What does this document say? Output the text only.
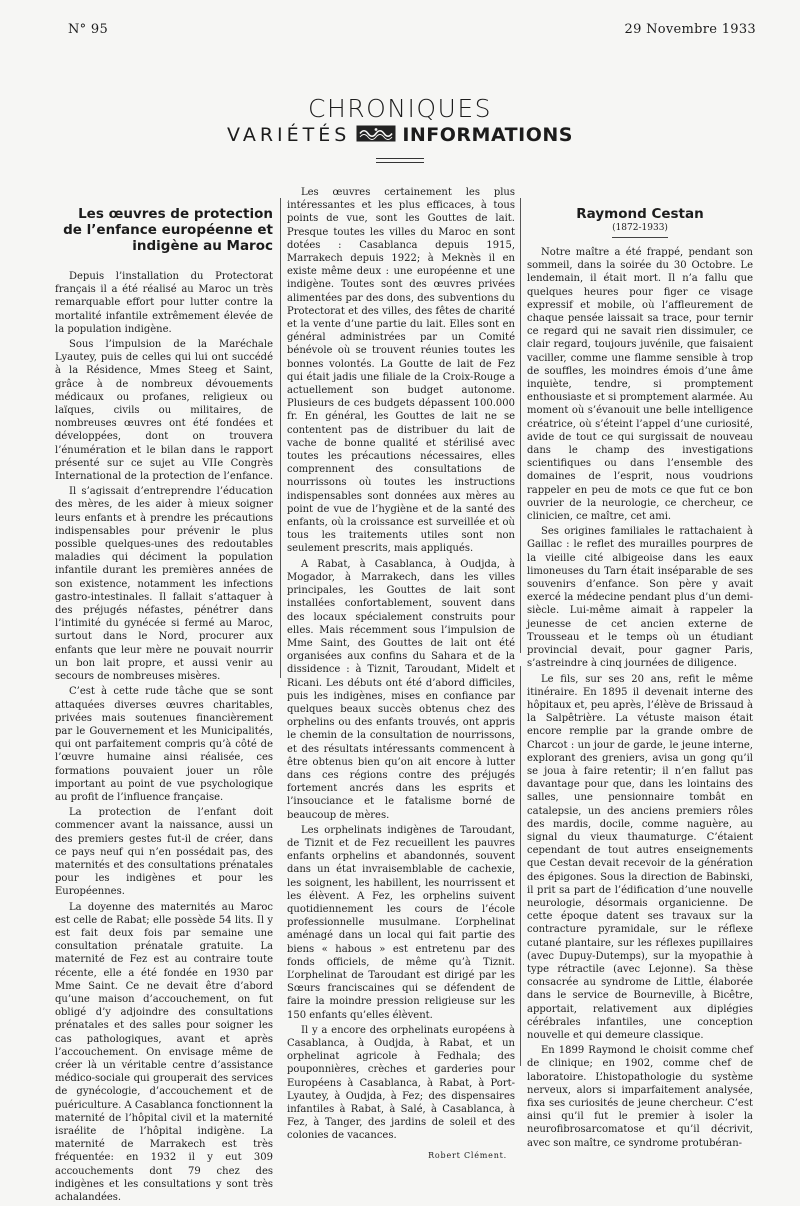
N° 95	29 Novembre 1933
CHRONIQUES
VARIÉTÉS	INFORMATIONS
Les œuvres de protection de l’enfance européenne et indigène au Maroc

Depuis l’installation du Protectorat français il a été réalisé au Maroc un très remarquable effort pour lutter contre la mortalité infantile extrêmement élevée de la population indigène.

Sous l’impulsion de la Maréchale Lyautey, puis de celles qui lui ont succédé à la Résidence, Mmes Steeg et Saint, grâce à de nombreux dévouements médicaux ou profanes, religieux ou laïques, civils ou militaires, de nombreuses œuvres ont été fondées et développées, dont on trouvera l’énumération et le bilan dans le rapport présenté sur ce sujet au VIIe Congrès International de la protection de l’enfance.

Il s’agissait d’entreprendre l’éducation des mères, de les aider à mieux soigner leurs enfants et à prendre les précautions indispensables pour prévenir le plus possible quelques-unes des redoutables maladies qui déciment la population infantile durant les premières années de son existence, notamment les infections gastro-intestinales. Il fallait s’attaquer à des préjugés néfastes, pénétrer dans l’intimité du gynécée si fermé au Maroc, surtout dans le Nord, procurer aux enfants que leur mère ne pouvait nourrir un bon lait propre, et aussi venir au secours de nombreuses misères.

C’est à cette rude tâche que se sont attaquées diverses œuvres charitables, privées mais soutenues financièrement par le Gouvernement et les Municipalités, qui ont parfaitement compris qu’à côté de l’œuvre humaine ainsi réalisée, ces formations pouvaient jouer un rôle important au point de vue psychologique au profit de l’influence française.

La protection de l’enfant doit commencer avant la naissance, aussi un des premiers gestes fut-il de créer, dans ce pays neuf qui n’en possédait pas, des maternités et des consultations prénatales pour les indigènes et pour les Européennes.

La doyenne des maternités au Maroc est celle de Rabat; elle possède 54 lits. Il y est fait deux fois par semaine une consultation prénatale gratuite. La maternité de Fez est au contraire toute récente, elle a été fondée en 1930 par Mme Saint. Ce ne devait être d’abord qu’une maison d’accouchement, on fut obligé d’y adjoindre des consultations prénatales et des salles pour soigner les cas pathologiques, avant et après l’accouchement. On envisage même de créer là un véritable centre d’assistance médico-sociale qui grouperait des services de gynécologie, d’accouchement et de puériculture. A Casablanca fonctionnent la maternité de l’hôpital civil et la maternité israélite de l’hôpital indigène. La maternité de Marrakech est très fréquentée: en 1932 il y eut 309 accouchements dont 79 chez des indigènes et les consultations y sont très achalandées.

Les œuvres certainement les plus intéressantes et les plus efficaces, à tous points de vue, sont les Gouttes de lait. Presque toutes les villes du Maroc en sont dotées : Casablanca depuis 1915, Marrakech depuis 1922; à Meknès il en existe même deux : une européenne et une indigène. Toutes sont des œuvres privées alimentées par des dons, des subventions du Protectorat et des villes, des fêtes de charité et la vente d’une partie du lait. Elles sont en général administrées par un Comité bénévole où se trouvent réunies toutes les bonnes volontés. La Goutte de lait de Fez qui était jadis une filiale de la Croix-Rouge a actuellement son budget autonome. Plusieurs de ces budgets dépassent 100.000 fr. En général, les Gouttes de lait ne se contentent pas de distribuer du lait de vache de bonne qualité et stérilisé avec toutes les précautions nécessaires, elles comprennent des consultations de nourrissons où toutes les instructions indispensables sont données aux mères au point de vue de l’hygiène et de la santé des enfants, où la croissance est surveillée et où tous les traitements utiles sont non seulement prescrits, mais appliqués.

A Rabat, à Casablanca, à Oudjda, à Mogador, à Marrakech, dans les villes principales, les Gouttes de lait sont installées confortablement, souvent dans des locaux spécialement construits pour elles. Mais récemment sous l’impulsion de Mme Saint, des Gouttes de lait ont été organisées aux confins du Sahara et de la dissidence : à Tiznit, Taroudant, Midelt et Ricani. Les débuts ont été d’abord difficiles, puis les indigènes, mises en confiance par quelques beaux succès obtenus chez des orphelins ou des enfants trouvés, ont appris le chemin de la consultation de nourrissons, et des résultats intéressants commencent à être obtenus bien qu’on ait encore à lutter dans ces régions contre des préjugés fortement ancrés dans les esprits et l’insouciance et le fatalisme borné de beaucoup de mères.

Les orphelinats indigènes de Taroudant, de Tiznit et de Fez recueillent les pauvres enfants orphelins et abandonnés, souvent dans un état invraisemblable de cachexie, les soignent, les habillent, les nourrissent et les élèvent. A Fez, les orphelins suivent quotidiennement les cours de l’école professionnelle musulmane. L’orphelinat aménagé dans un local qui fait partie des biens « habous » est entretenu par des fonds officiels, de même qu’à Tiznit. L’orphelinat de Taroudant est dirigé par les Sœurs franciscaines qui se défendent de faire la moindre pression religieuse sur les 150 enfants qu’elles élèvent.

Il y a encore des orphelinats européens à Casablanca, à Oudjda, à Rabat, et un orphelinat agricole à Fedhala; des pouponnières, crèches et garderies pour Européens à Casablanca, à Rabat, à Port-Lyautey, à Oudjda, à Fez; des dispensaires infantiles à Rabat, à Salé, à Casablanca, à Fez, à Tanger, des jardins de soleil et des colonies de vacances.

Robert Clément.
Raymond Cestan
(1872-1933)

Notre maître a été frappé, pendant son sommeil, dans la soirée du 30 Octobre. Le lendemain, il était mort. Il n’a fallu que quelques heures pour figer ce visage expressif et mobile, où l’affleurement de chaque pensée laissait sa trace, pour ternir ce regard qui ne savait rien dissimuler, ce clair regard, toujours juvénile, que faisaient vaciller, comme une flamme sensible à trop de souffles, les moindres émois d’une âme inquiète, tendre, si promptement enthousiaste et si promptement alarmée. Au moment où s’évanouit une belle intelligence créatrice, où s’éteint l’appel d’une curiosité, avide de tout ce qui surgissait de nouveau dans le champ des investigations scientifiques ou dans l’ensemble des domaines de l’esprit, nous voudrions rappeler en peu de mots ce que fut ce bon ouvrier de la neurologie, ce chercheur, ce clinicien, ce maître, cet ami.

Ses origines familiales le rattachaient à Gaillac : le reflet des murailles pourpres de la vieille cité albigeoise dans les eaux limoneuses du Tarn était inséparable de ses souvenirs d’enfance. Son père y avait exercé la médecine pendant plus d’un demi-siècle. Lui-même aimait à rappeler la jeunesse de cet ancien externe de Trousseau et le temps où un étudiant provincial devait, pour gagner Paris, s’astreindre à cinq journées de diligence.

Le fils, sur ses 20 ans, refit le même itinéraire. En 1895 il devenait interne des hôpitaux et, peu après, l’élève de Brissaud à la Salpêtrière. La vétuste maison était encore remplie par la grande ombre de Charcot : un jour de garde, le jeune interne, explorant des greniers, avisa un gong qu’il se joua à faire retentir; il n’en fallut pas davantage pour que, dans les lointains des salles, une pensionnaire tombât en catalepsie, un des anciens premiers rôles des mardis, docile, comme naguère, au signal du vieux thaumaturge. C’étaient cependant de tout autres enseignements que Cestan devait recevoir de la génération des épigones. Sous la direction de Babinski, il prit sa part de l’édification d’une nouvelle neurologie, désormais organicienne. De cette époque datent ses travaux sur la contracture pyramidale, sur le réflexe cutané plantaire, sur les réflexes pupillaires (avec Dupuy-Dutemps), sur la myopathie à type rétractile (avec Lejonne). Sa thèse consacrée au syndrome de Little, élaborée dans le service de Bourneville, à Bicêtre, apportait, relativement aux diplégies cérébrales infantiles, une conception nouvelle et qui demeure classique.

En 1899 Raymond le choisit comme chef de clinique; en 1902, comme chef de laboratoire. L’histopathologie du système nerveux, alors si imparfaitement analysée, fixa ses curiosités de jeune chercheur. C’est ainsi qu’il fut le premier à isoler la neurofibrosarcomatose et qu’il décrivit, avec son maître, ce syndrome protubéran-
